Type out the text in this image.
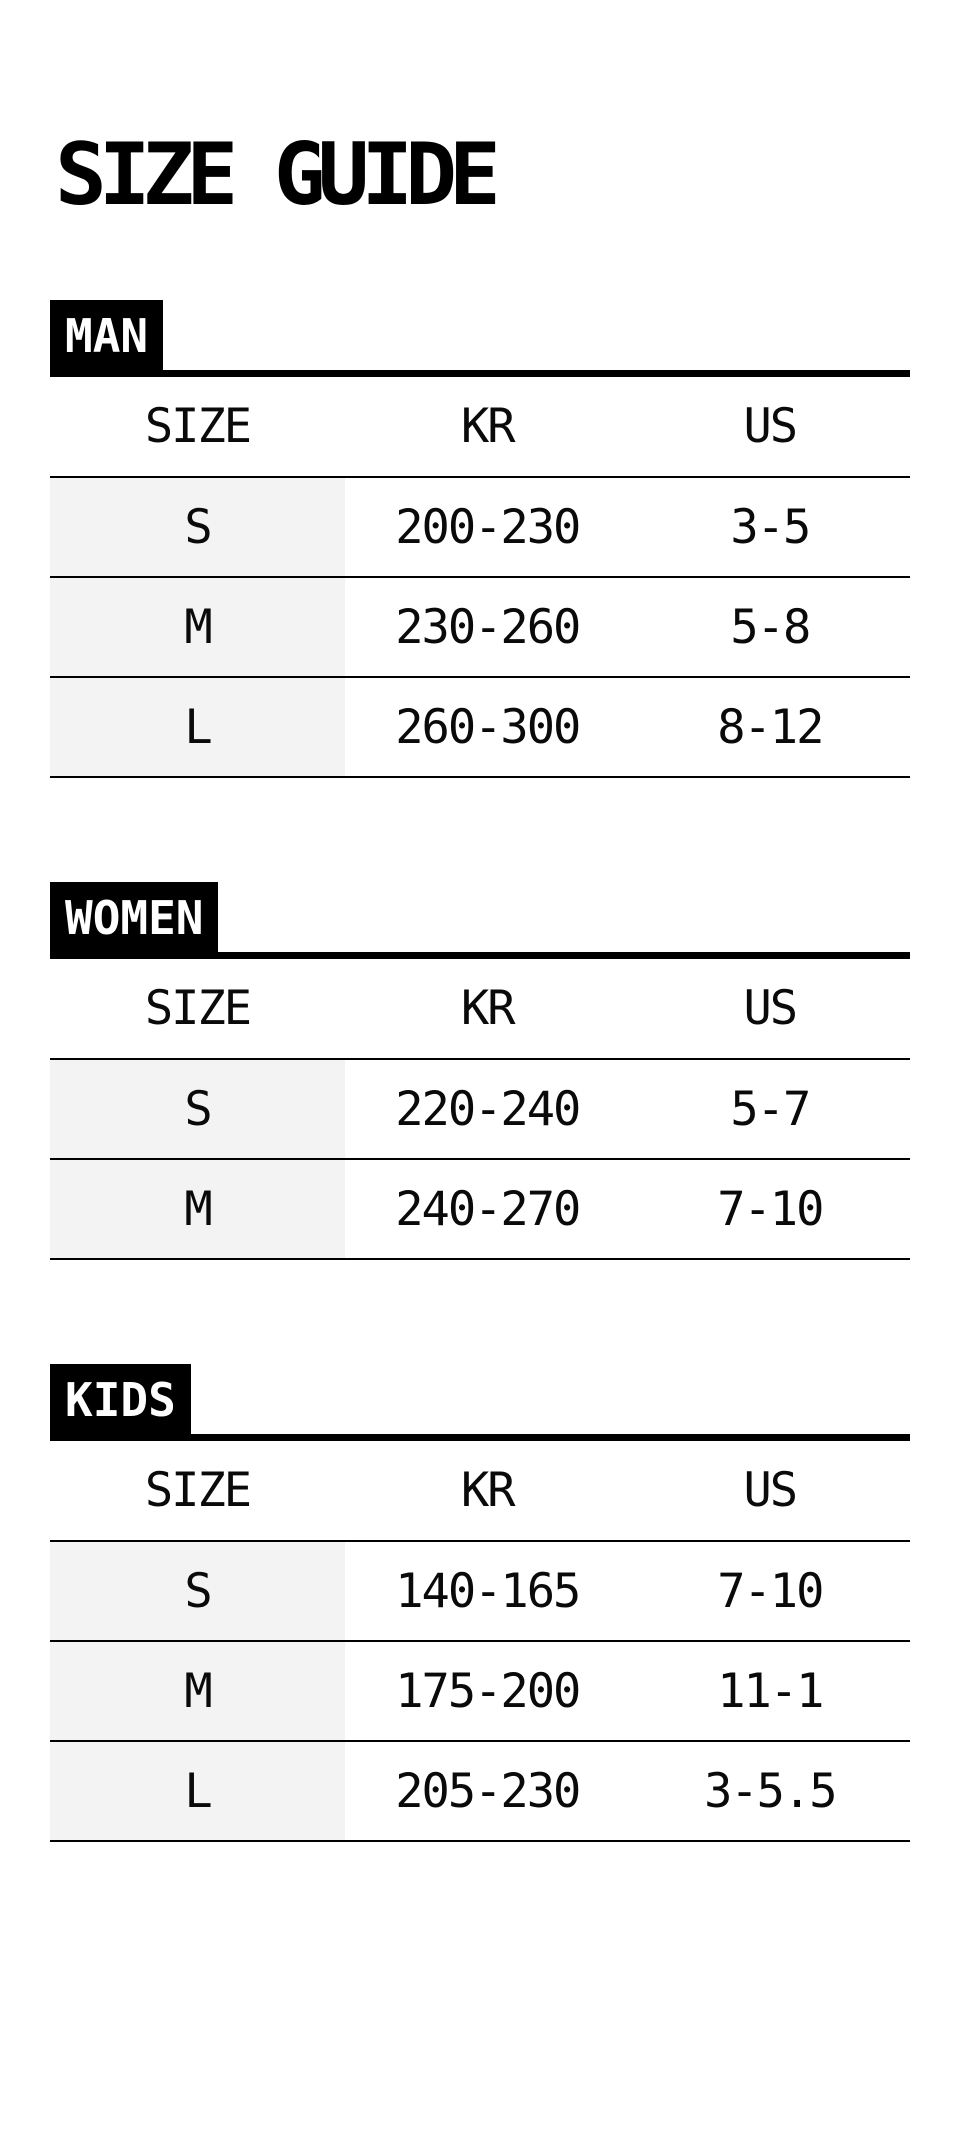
SIZE GUIDE
MAN
SIZE	KR	US
S	200-230	3-5
M	230-260	5-8
L	260-300	8-12
WOMEN
SIZE	KR	US
S	220-240	5-7
M	240-270	7-10
KIDS
SIZE	KR	US
S	140-165	7-10
M	175-200	11-1
L	205-230	3-5.5
